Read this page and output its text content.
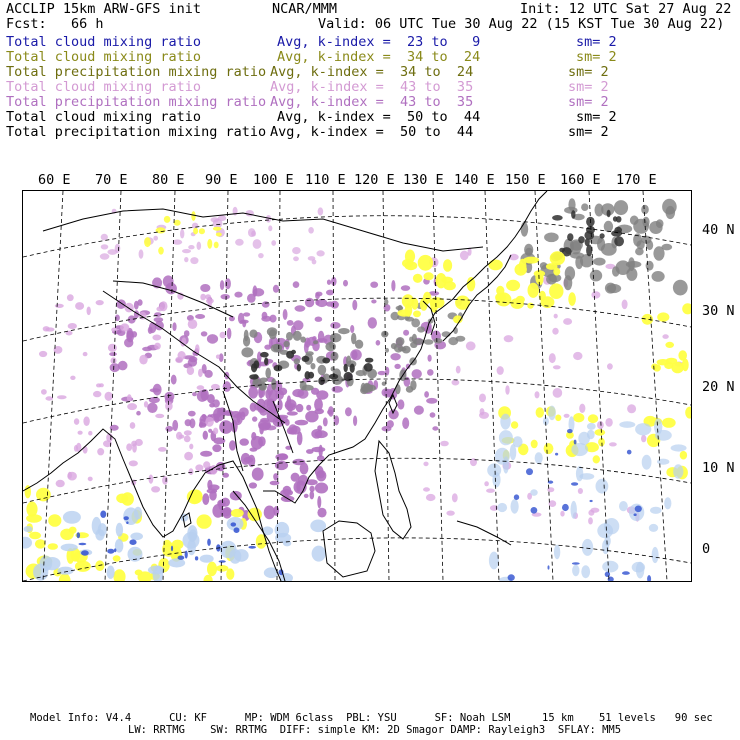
ACCLIP 15km ARW-GFS init	NCAR/MMM	Init: 12 UTC Sat 27 Aug 22
Fcst:   66 h	Valid: 06 UTC Tue 30 Aug 22 (15 KST Tue 30 Aug 22)
Total cloud mixing ratio	Avg, k-index =  23 to   9	sm= 2
Total cloud mixing ratio	Avg, k-index =  34 to  24	sm= 2
Total precipitation mixing ratio Avg, k-index =  34 to  24	sm= 2
Total cloud mixing ratio	Avg, k-index =  43 to  35	sm= 2
Total precipitation mixing ratio Avg, k-index =  43 to  35	sm= 2
Total cloud mixing ratio	Avg, k-index =  50 to  44	sm= 2
Total precipitation mixing ratio Avg, k-index =  50 to  44	sm= 2
60 E 70 E 80 E 90 E 100 E 110 E 120 E 130 E 140 E 150 E 160 E 170 E
40 N
30 N
20 N
10 N
0
Model Info: V4.4      CU: KF      MP: WDM 6class  PBL: YSU      SF: Noah LSM     15 km    51 levels   90 sec
LW: RRTMG    SW: RRTMG  DIFF: simple KM: 2D Smagor DAMP: Rayleigh3  SFLAY: MM5
